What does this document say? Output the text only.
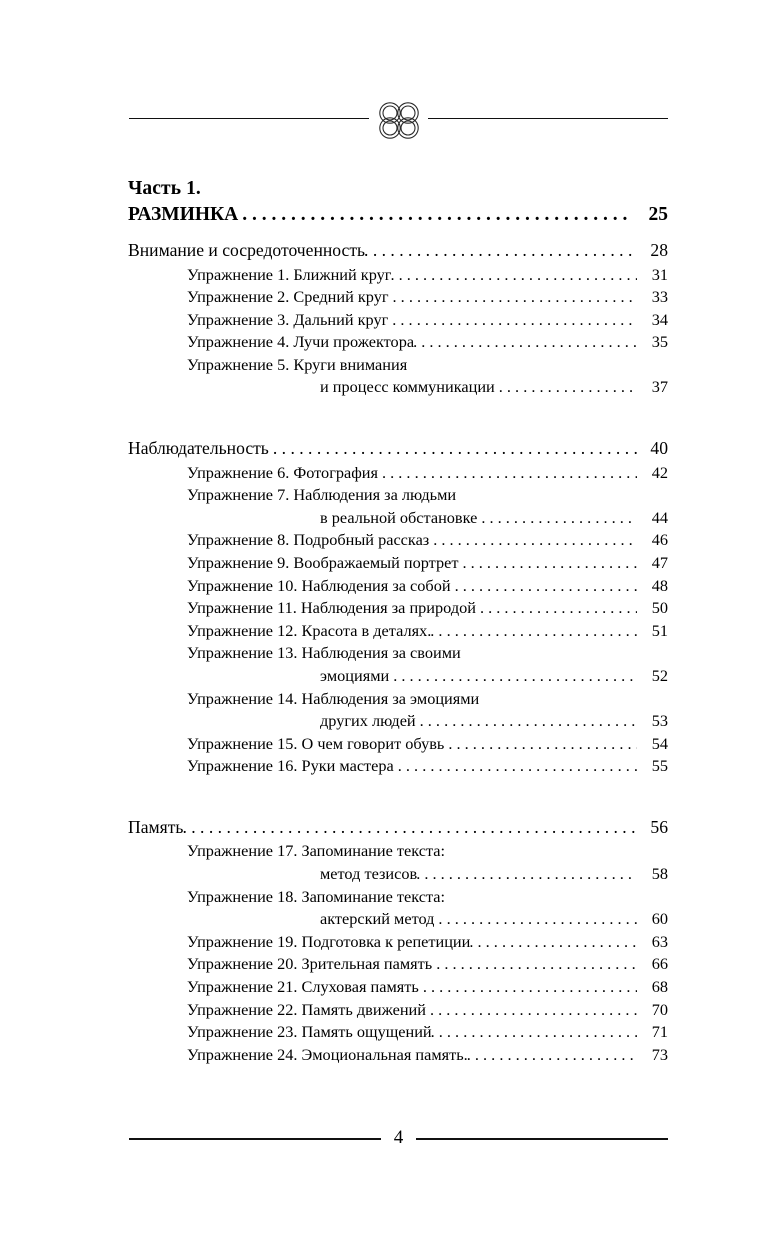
Часть 1.
РАЗМИНКА . . .	25
Внимание и сосредоточенность . . .	28
Упражнение 1. Ближний круг . . .	31
Упражнение 2. Средний круг . . .	33
Упражнение 3. Дальний круг . . .	34
Упражнение 4. Лучи прожектора . . .	35
Упражнение 5. Круги внимания
и процесс коммуникации . . .	37
Наблюдательность . . .	40
Упражнение 6. Фотография . . .	42
Упражнение 7. Наблюдения за людьми
в реальной обстановке . . .	44
Упражнение 8. Подробный рассказ . . .	46
Упражнение 9. Воображаемый портрет . . .	47
Упражнение 10. Наблюдения за собой . . .	48
Упражнение 11. Наблюдения за природой . . .	50
Упражнение 12. Красота в деталях. . . .	51
Упражнение 13. Наблюдения за своими
эмоциями . . .	52
Упражнение 14. Наблюдения за эмоциями
других людей . . .	53
Упражнение 15. О чем говорит обувь . . .	54
Упражнение 16. Руки мастера . . .	55
Память . . .	56
Упражнение 17. Запоминание текста:
метод тезисов . . .	58
Упражнение 18. Запоминание текста:
актерский метод . . .	60
Упражнение 19. Подготовка к репетиции . . .	63
Упражнение 20. Зрительная память . . .	66
Упражнение 21. Слуховая память . . .	68
Упражнение 22. Память движений . . .	70
Упражнение 23. Память ощущений . . .	71
Упражнение 24. Эмоциональная память. . . .	73
4
